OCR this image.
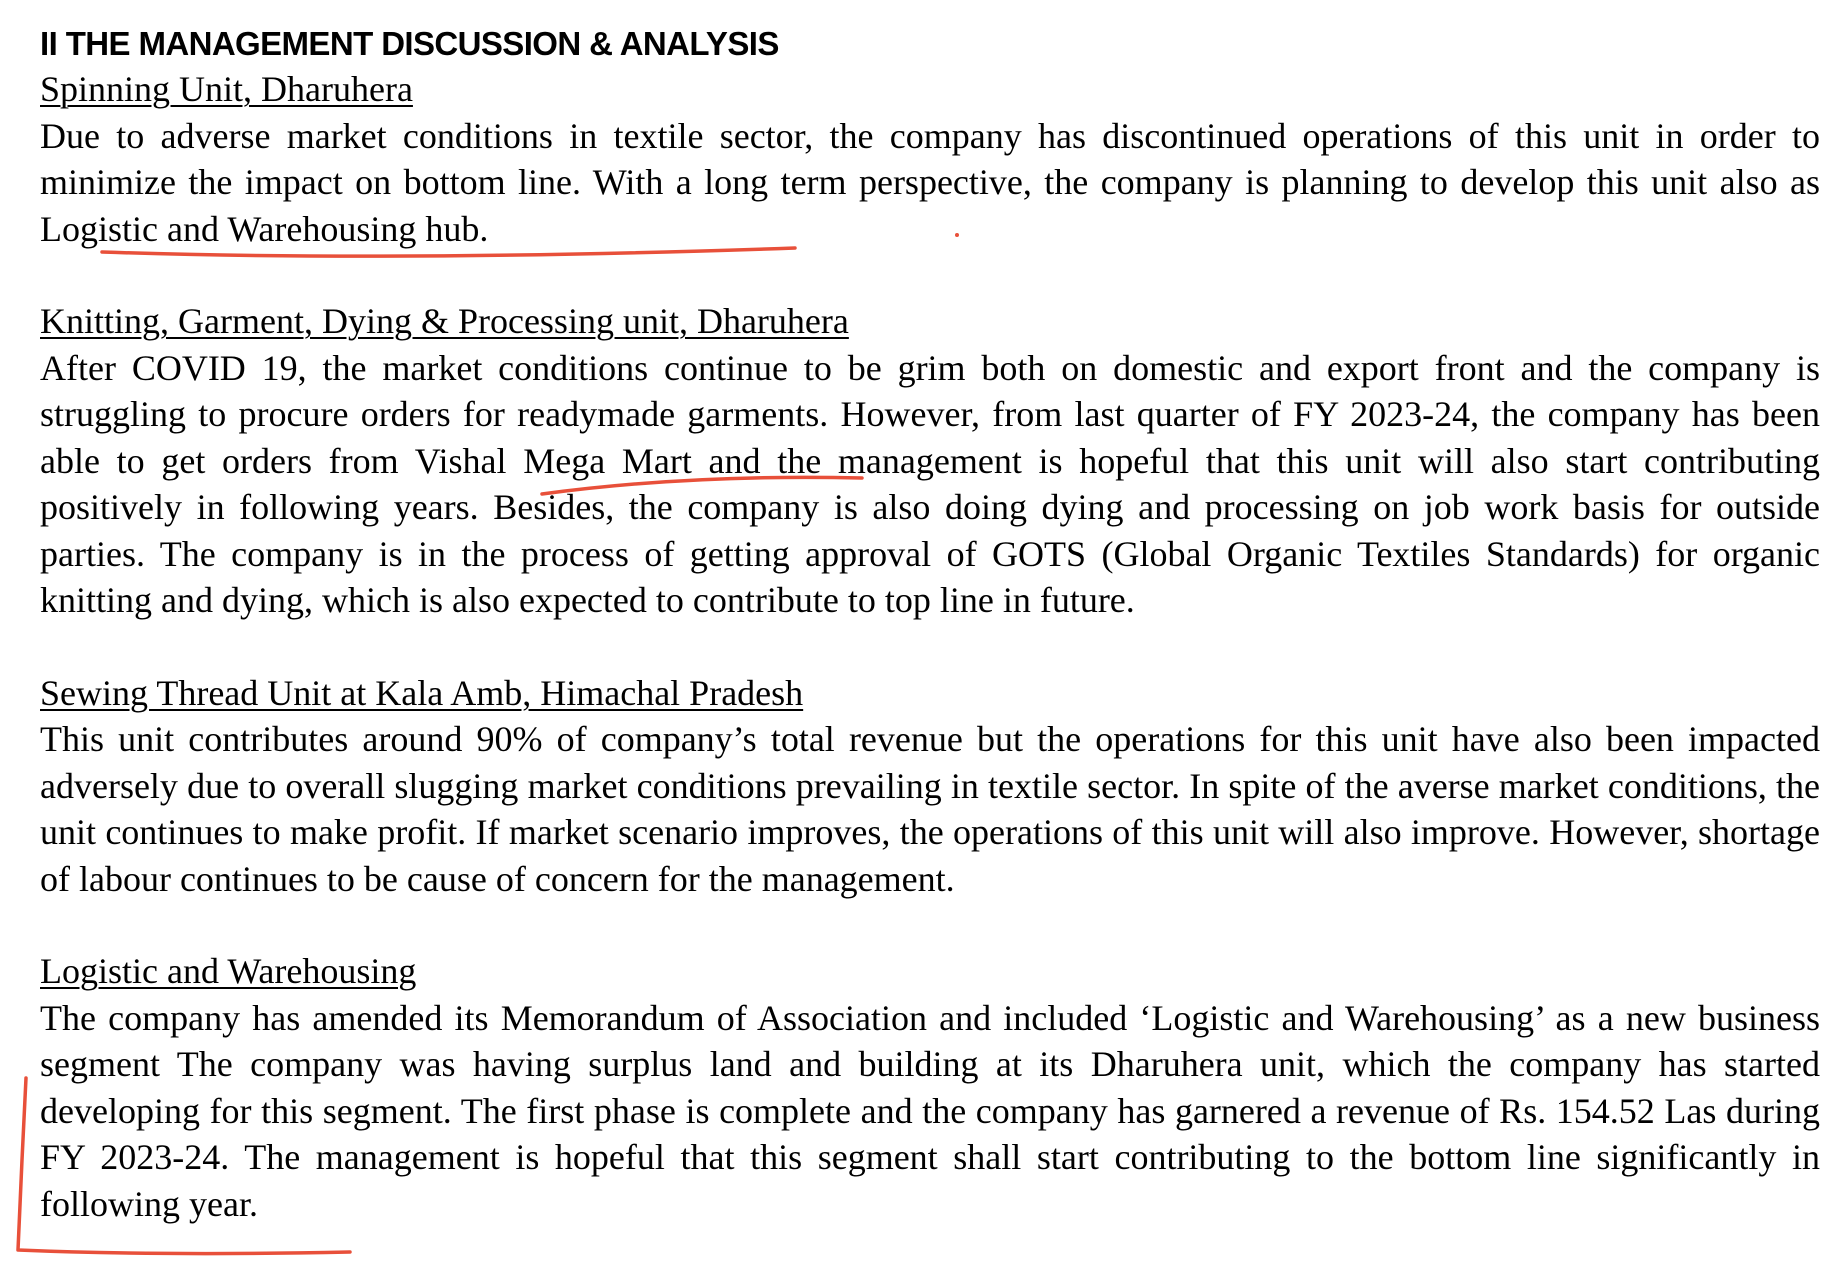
II THE MANAGEMENT DISCUSSION & ANALYSIS

Spinning Unit, Dharuhera

Due to adverse market conditions in textile sector, the company has discontinued operations of this unit in order to minimize the impact on bottom line. With a long term perspective, the company is planning to develop this unit also as Logistic and Warehousing hub.

Knitting, Garment, Dying & Processing unit, Dharuhera

After COVID 19, the market conditions continue to be grim both on domestic and export front and the company is struggling to procure orders for readymade garments. However, from last quarter of FY 2023-24, the company has been able to get orders from Vishal Mega Mart and the management is hopeful that this unit will also start contributing positively in following years. Besides, the company is also doing dying and processing on job work basis for outside parties. The company is in the process of getting approval of GOTS (Global Organic Textiles Standards) for organic knitting and dying, which is also expected to contribute to top line in future.

Sewing Thread Unit at Kala Amb, Himachal Pradesh

This unit contributes around 90% of company’s total revenue but the operations for this unit have also been impacted adversely due to overall slugging market conditions prevailing in textile sector. In spite of the averse market conditions, the unit continues to make profit. If market scenario improves, the operations of this unit will also improve. However, shortage of labour continues to be cause of concern for the management.

Logistic and Warehousing

The company has amended its Memorandum of Association and included ‘Logistic and Warehousing’ as a new business segment The company was having surplus land and building at its Dharuhera unit, which the company has started developing for this segment. The first phase is complete and the company has garnered a revenue of Rs. 154.52 Las during FY 2023-24. The management is hopeful that this segment shall start contributing to the bottom line significantly in following year.
